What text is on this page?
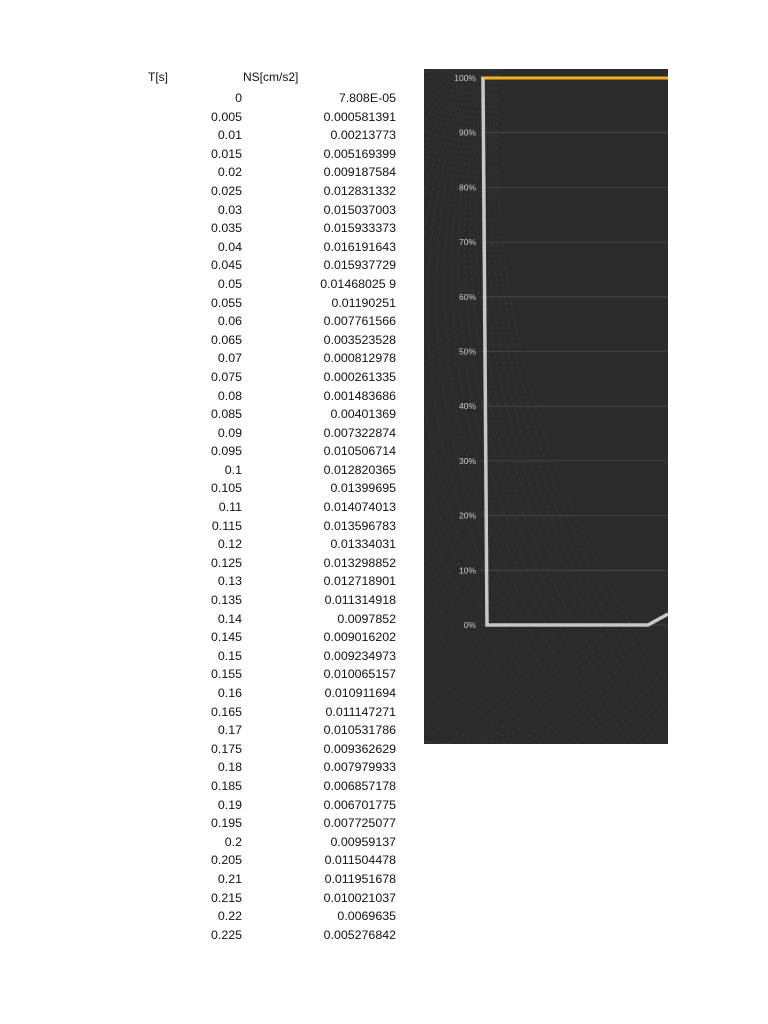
T[s]	NS[cm/s2]
0	7.808E-05
0.005	0.000581391
0.01	0.00213773
0.015	0.005169399
0.02	0.009187584
0.025	0.012831332
0.03	0.015037003
0.035	0.015933373
0.04	0.016191643
0.045	0.015937729
0.05	0.01468025 9
0.055	0.01190251
0.06	0.007761566
0.065	0.003523528
0.07	0.000812978
0.075	0.000261335
0.08	0.001483686
0.085	0.00401369
0.09	0.007322874
0.095	0.010506714
0.1	0.012820365
0.105	0.01399695
0.11	0.014074013
0.115	0.013596783
0.12	0.01334031
0.125	0.013298852
0.13	0.012718901
0.135	0.011314918
0.14	0.0097852
0.145	0.009016202
0.15	0.009234973
0.155	0.010065157
0.16	0.010911694
0.165	0.011147271
0.17	0.010531786
0.175	0.009362629
0.18	0.007979933
0.185	0.006857178
0.19	0.006701775
0.195	0.007725077
0.2	0.00959137
0.205	0.011504478
0.21	0.011951678
0.215	0.010021037
0.22	0.0069635
0.225	0.005276842
100%
90%
80%
70%
60%
50%
40%
30%
20%
10%
0%
